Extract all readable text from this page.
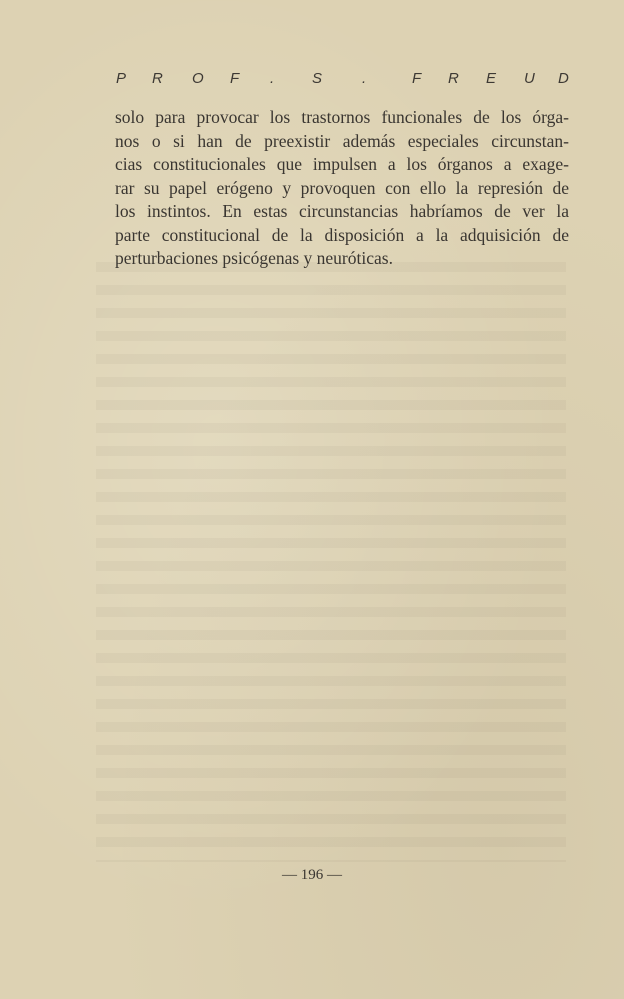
P R O F .	S	.	F R E U D
solo para provocar los trastornos funcionales de los órga-
nos o si han de preexistir además especiales circunstan-
cias constitucionales que impulsen a los órganos a exage-
rar su papel erógeno y provoquen con ello la represión de
los instintos. En estas circunstancias habríamos de ver la
parte constitucional de la disposición a la adquisición de
perturbaciones psicógenas y neuróticas.
— 196 —
